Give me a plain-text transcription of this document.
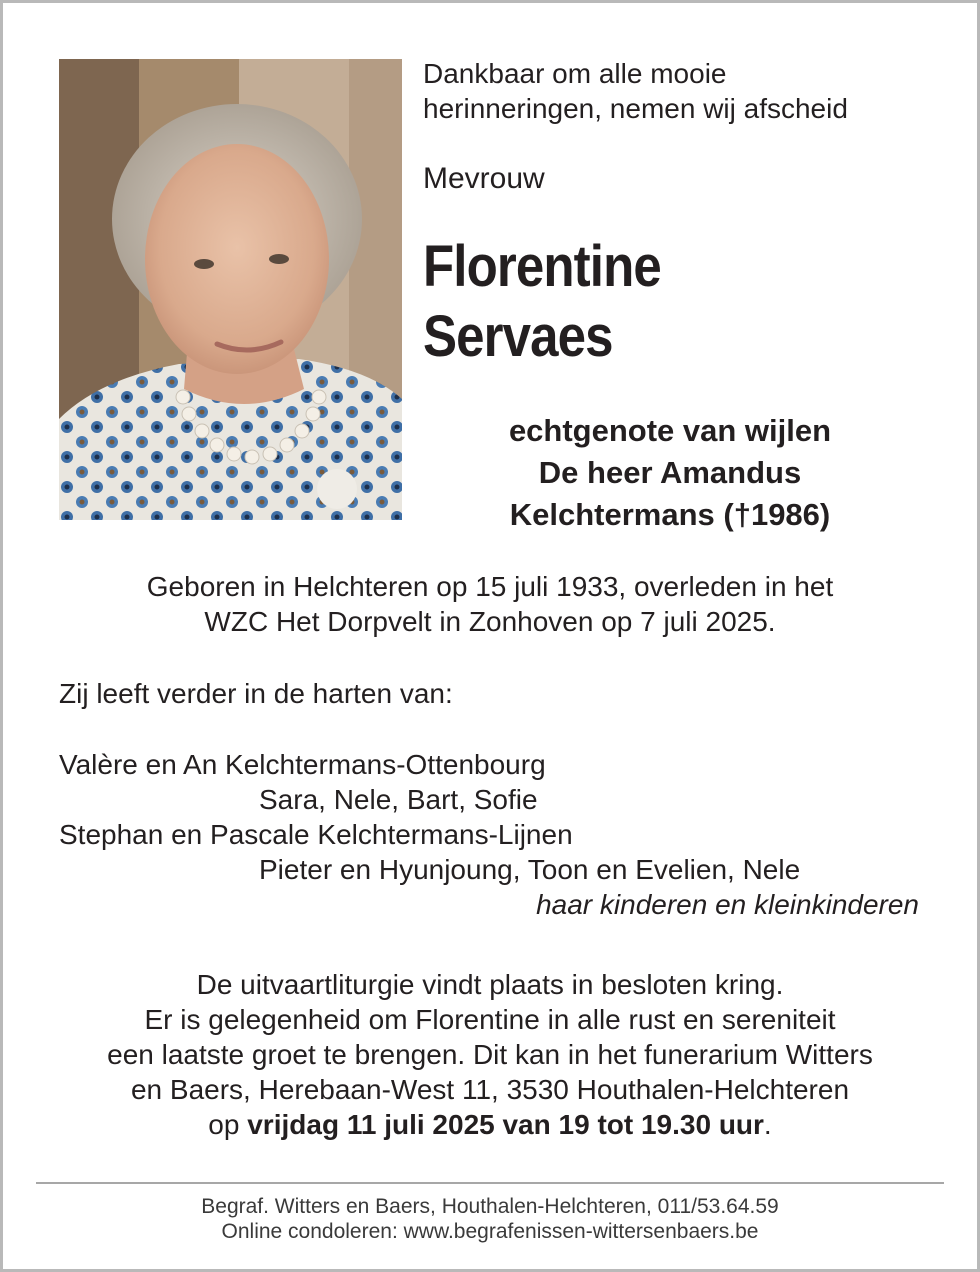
Dankbaar om alle mooie
herinneringen, nemen wij afscheid
Mevrouw
Florentine
Servaes
echtgenote van wijlen
De heer Amandus
Kelchtermans (†1986)
Geboren in Helchteren op 15 juli 1933, overleden in het
WZC Het Dorpvelt in Zonhoven op 7 juli 2025.
Zij leeft verder in de harten van:
Valère en An Kelchtermans-Ottenbourg
Sara, Nele, Bart, Sofie
Stephan en Pascale Kelchtermans-Lijnen
Pieter en Hyunjoung, Toon en Evelien, Nele
haar kinderen en kleinkinderen
De uitvaartliturgie vindt plaats in besloten kring.
Er is gelegenheid om Florentine in alle rust en sereniteit
een laatste groet te brengen. Dit kan in het funerarium Witters
en Baers, Herebaan-West 11, 3530 Houthalen-Helchteren
op vrijdag 11 juli 2025 van 19 tot 19.30 uur.
Begraf. Witters en Baers, Houthalen-Helchteren, 011/53.64.59
Online condoleren: www.begrafenissen-wittersenbaers.be
